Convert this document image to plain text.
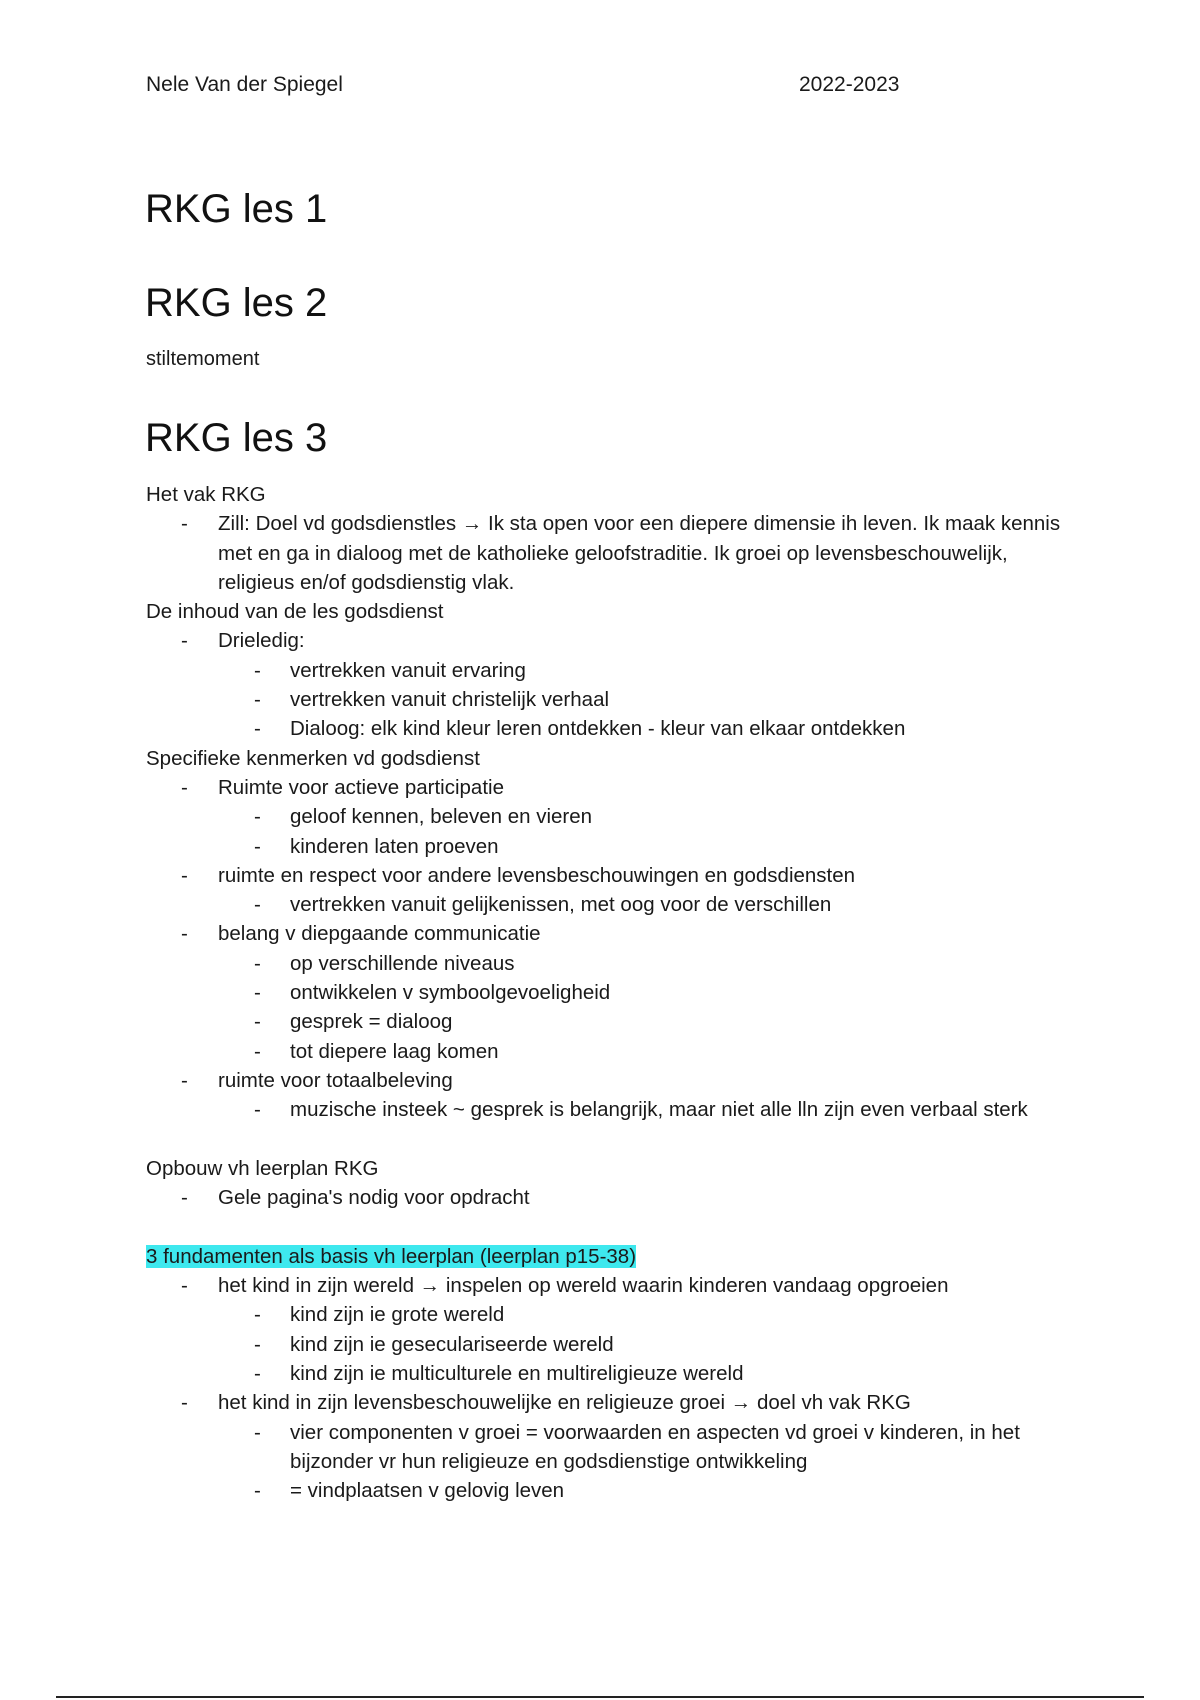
Nele Van der Spiegel	2022-2023
RKG les 1
RKG les 2
stiltemoment
RKG les 3

Het vak RKG

- Zill: Doel vd godsdienstles → Ik sta open voor een diepere dimensie ih leven. Ik maak kennis met en ga in dialoog met de katholieke geloofstraditie. Ik groei op levensbeschouwelijk, religieus en/of godsdienstig vlak.

De inhoud van de les godsdienst

- Drieledig:
- vertrekken vanuit ervaring
- vertrekken vanuit christelijk verhaal
- Dialoog: elk kind kleur leren ontdekken - kleur van elkaar ontdekken

Specifieke kenmerken vd godsdienst

- Ruimte voor actieve participatie
- geloof kennen, beleven en vieren
- kinderen laten proeven
- ruimte en respect voor andere levensbeschouwingen en godsdiensten
- vertrekken vanuit gelijkenissen, met oog voor de verschillen
- belang v diepgaande communicatie
- op verschillende niveaus
- ontwikkelen v symboolgevoeligheid
- gesprek = dialoog
- tot diepere laag komen
- ruimte voor totaalbeleving
- muzische insteek ~ gesprek is belangrijk, maar niet alle lln zijn even verbaal sterk

Opbouw vh leerplan RKG

- Gele pagina's nodig voor opdracht

3 fundamenten als basis vh leerplan (leerplan p15-38)

- het kind in zijn wereld → inspelen op wereld waarin kinderen vandaag opgroeien
- kind zijn ie grote wereld
- kind zijn ie geseculariseerde wereld
- kind zijn ie multiculturele en multireligieuze wereld
- het kind in zijn levensbeschouwelijke en religieuze groei → doel vh vak RKG
- vier componenten v groei = voorwaarden en aspecten vd groei v kinderen, in het bijzonder vr hun religieuze en godsdienstige ontwikkeling
- = vindplaatsen v gelovig leven
